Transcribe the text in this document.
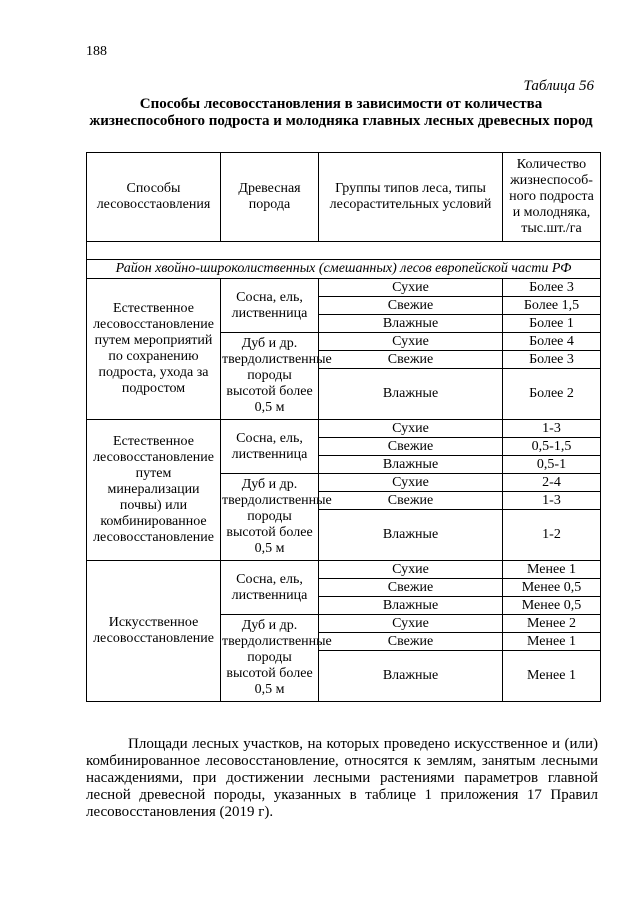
188
Таблица 56
Способы лесовосстановления в зависимости от количества жизнеспособного подроста и молодняка главных лесных древесных пород
Способы лесовосстаовления	Древесная порода	Группы типов леса, типы лесорастительных условий	Количество жизнеспособ-ного подроста и молодняка, тыс.шт./га

Район хвойно-широколиственных (смешанных) лесов европейской части РФ			
Естественное лесовосстановление путем мероприятий по сохранению подроста, ухода за подростом	Сосна, ель, лиственница	Сухие	Более 3
		Свежие	Более 1,5
		Влажные	Более 1
	Дуб и др. твердолиственные породы высотой более 0,5 м	Сухие	Более 4
		Свежие	Более 3
		Влажные	Более 2
Естественное лесовосстановление путем минерализации почвы) или комбинированное лесовосстановление	Сосна, ель, лиственница	Сухие	1-3
		Свежие	0,5-1,5
		Влажные	0,5-1
	Дуб и др. твердолиственные породы высотой более 0,5 м	Сухие	2-4
		Свежие	1-3
		Влажные	1-2
Искусственное лесовосстановление	Сосна, ель, лиственница	Сухие	Менее 1
		Свежие	Менее 0,5
		Влажные	Менее 0,5
	Дуб и др. твердолиственные породы высотой более 0,5 м	Сухие	Менее 2
		Свежие	Менее 1
		Влажные	Менее 1
Площади лесных участков, на которых проведено искусственное и (или) комбинированное лесовосстановление, относятся к землям, занятым лесными насаждениями, при достижении лесными растениями параметров главной лесной древесной породы, указанных в таблице 1 приложения 17 Правил лесовосстановления (2019 г).
